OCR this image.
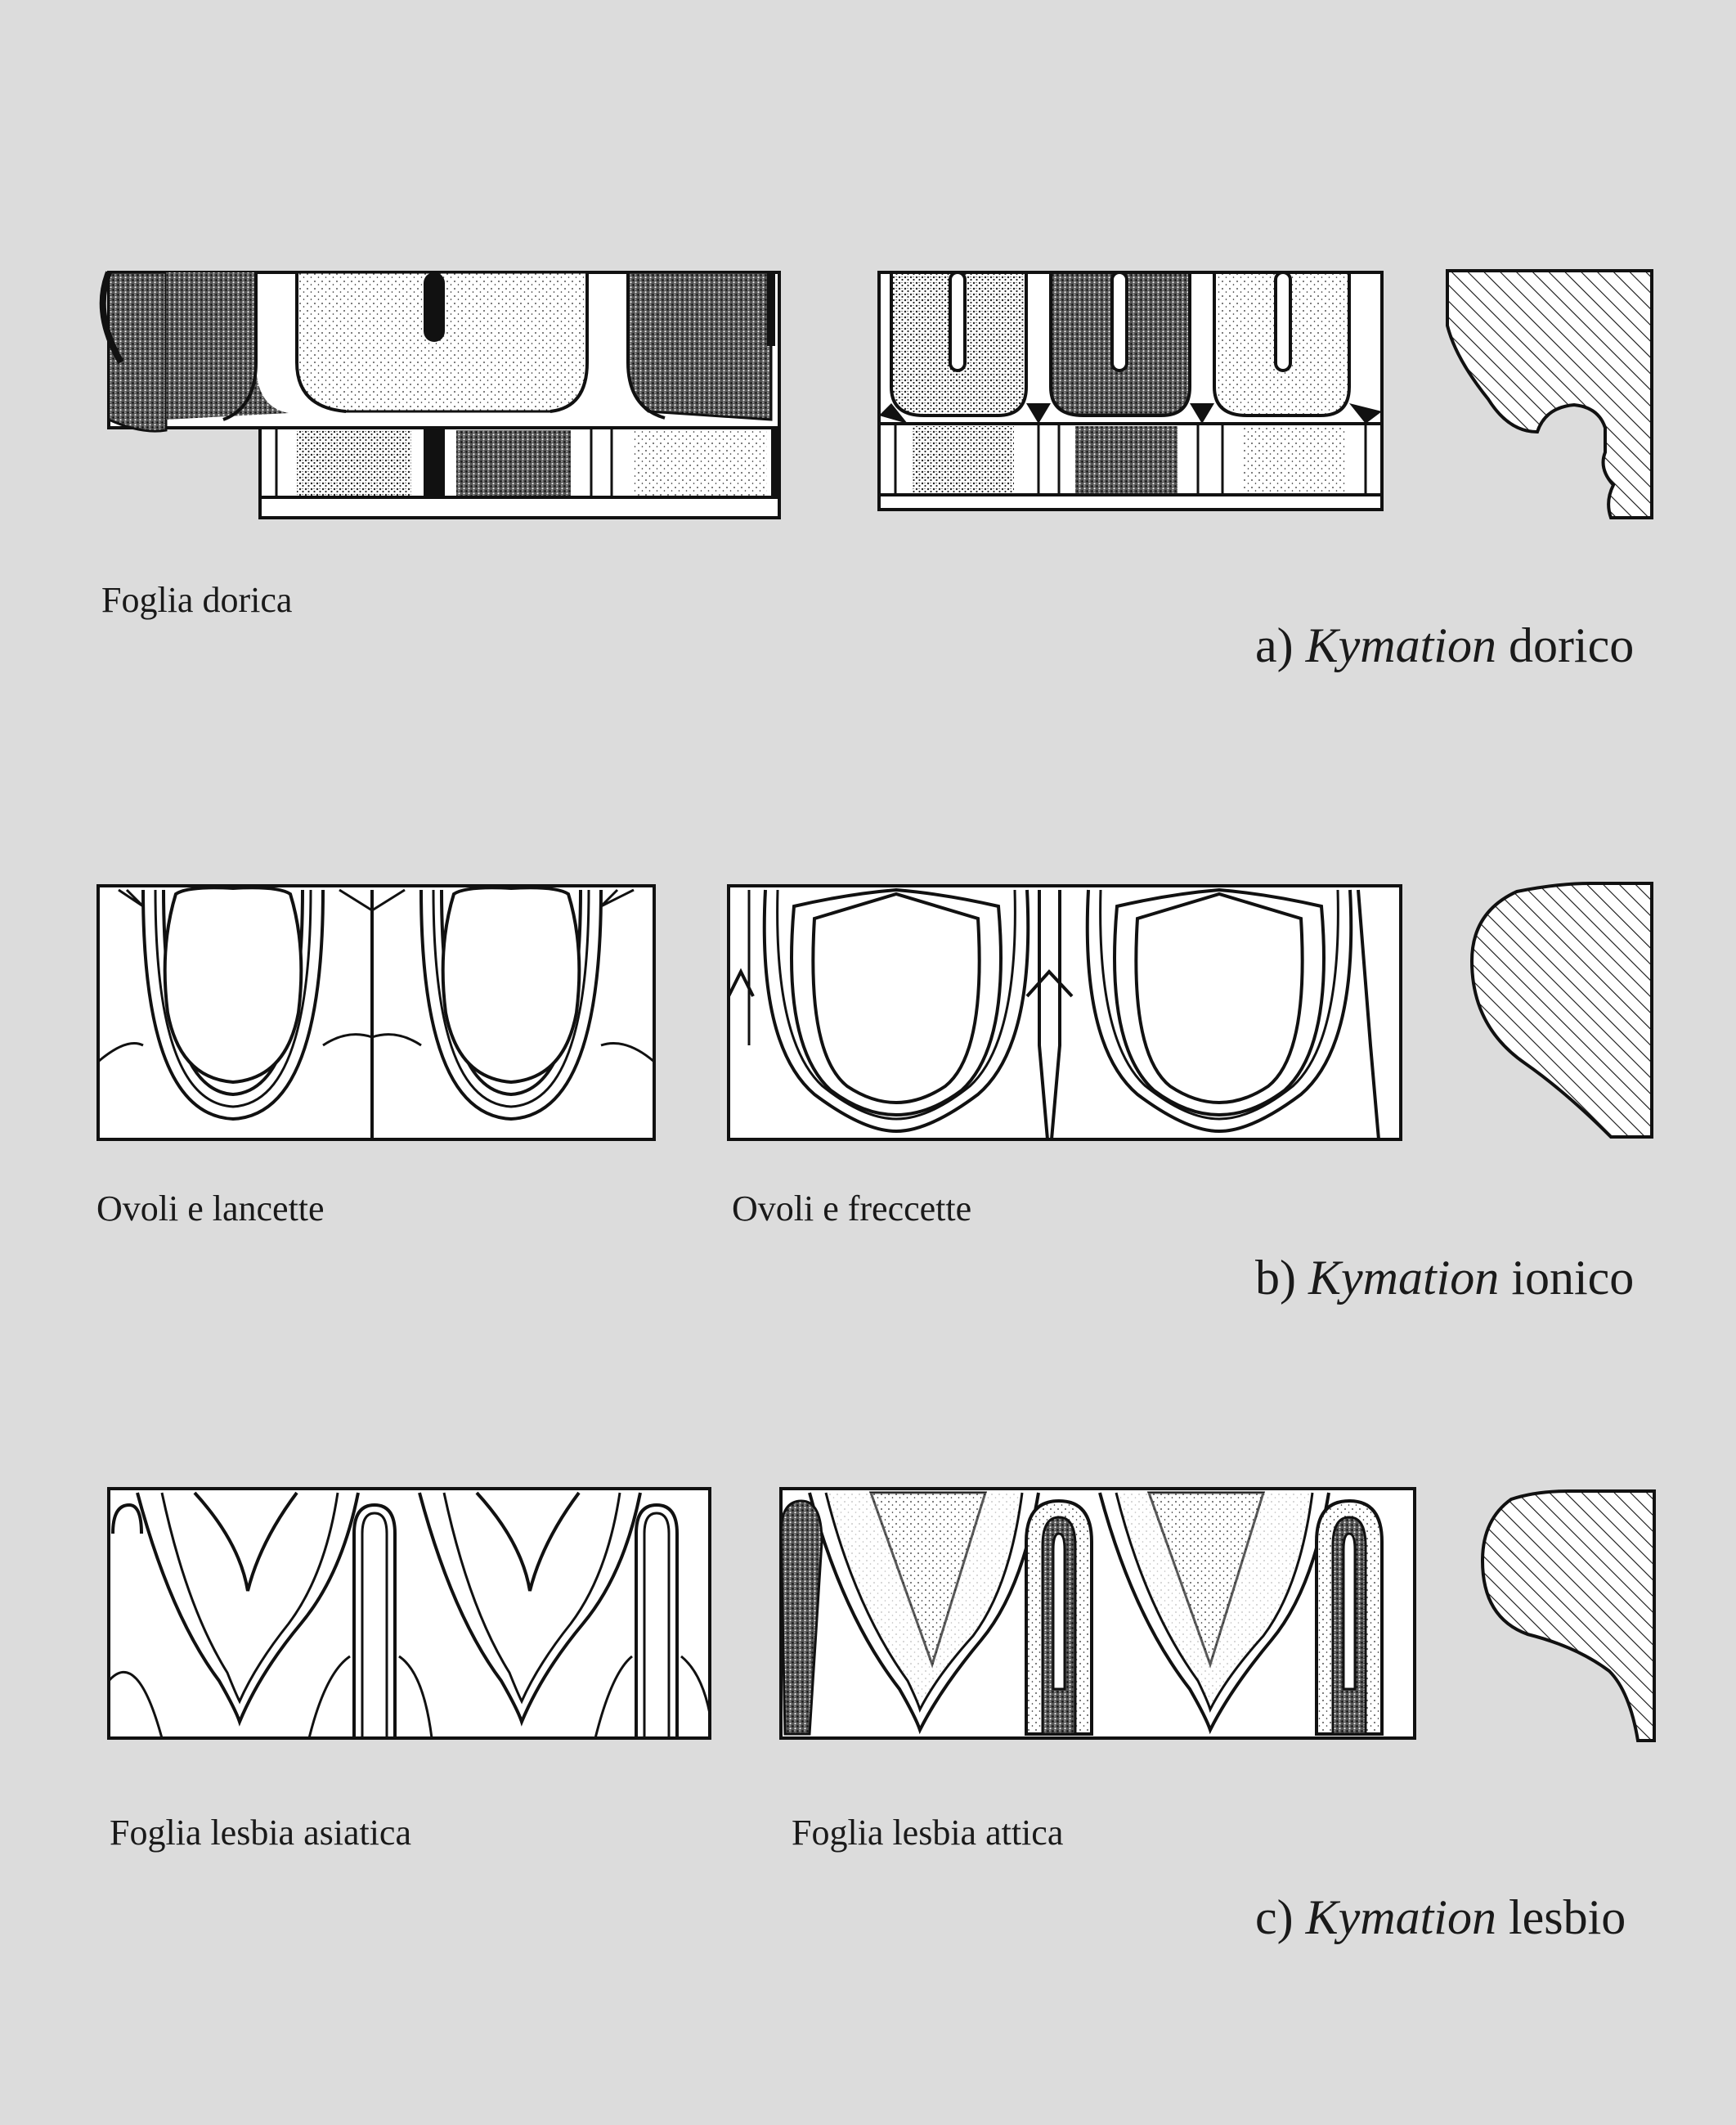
Foglia dorica
a) Kymation dorico
Ovoli e lancette	Ovoli e freccette
b) Kymation ionico
Foglia lesbia asiatica	Foglia lesbia attica
c) Kymation lesbio
